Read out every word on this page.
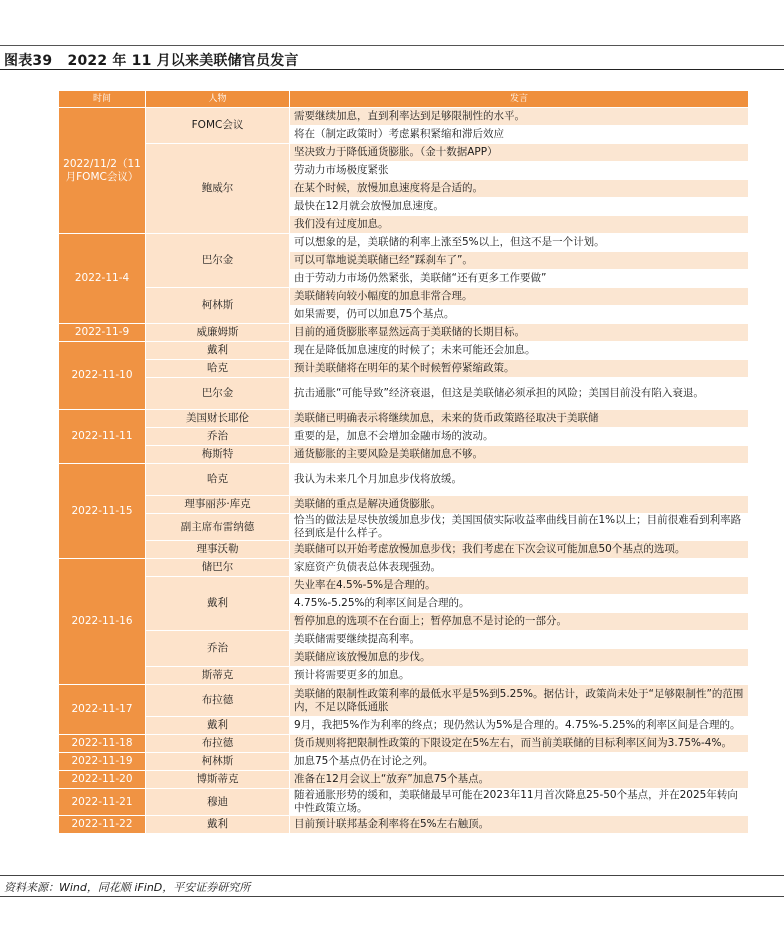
图表39 2022 年 11 月以来美联储官员发言
时间	人物	发言
2022/11/2（11月FOMC会议）	FOMC会议	需要继续加息，直到利率达到足够限制性的水平。
		将在（制定政策时）考虑累积紧缩和滞后效应
	鲍威尔	坚决致力于降低通货膨胀。（金十数据APP）
		劳动力市场极度紧张
		在某个时候，放慢加息速度将是合适的。
		最快在12月就会放慢加息速度。
		我们没有过度加息。
2022-11-4	巴尔金	可以想象的是，美联储的利率上涨至5%以上，但这不是一个计划。
		可以可靠地说美联储已经“踩刹车了”。
		由于劳动力市场仍然紧张，美联储“还有更多工作要做”
	柯林斯	美联储转向较小幅度的加息非常合理。
		如果需要，仍可以加息75个基点。
2022-11-9	威廉姆斯	目前的通货膨胀率显然远高于美联储的长期目标。
2022-11-10	戴利	现在是降低加息速度的时候了；未来可能还会加息。
	哈克	预计美联储将在明年的某个时候暂停紧缩政策。
	巴尔金	抗击通胀“可能导致”经济衰退，但这是美联储必须承担的风险；美国目前没有陷入衰退。
2022-11-11	美国财长耶伦	美联储已明确表示将继续加息，未来的货币政策路径取决于美联储
	乔治	重要的是，加息不会增加金融市场的波动。
	梅斯特	通货膨胀的主要风险是美联储加息不够。
2022-11-15	哈克	我认为未来几个月加息步伐将放缓。
	理事丽莎·库克	美联储的重点是解决通货膨胀。
	副主席布雷纳德	恰当的做法是尽快放缓加息步伐；美国国债实际收益率曲线目前在1%以上；目前很难看到利率路径到底是什么样子。
	理事沃勒	美联储可以开始考虑放慢加息步伐；我们考虑在下次会议可能加息50个基点的选项。
2022-11-16	储巴尔	家庭资产负债表总体表现强劲。
	戴利	失业率在4.5%-5%是合理的。
		4.75%-5.25%的利率区间是合理的。
		暂停加息的选项不在台面上；暂停加息不是讨论的一部分。
	乔治	美联储需要继续提高利率。
		美联储应该放慢加息的步伐。
	斯蒂克	预计将需要更多的加息。
2022-11-17	布拉德	美联储的限制性政策利率的最低水平是5%到5.25%。据估计，政策尚未处于“足够限制性”的范围内，不足以降低通胀
	戴利	9月，我把5%作为利率的终点；现仍然认为5%是合理的。4.75%-5.25%的利率区间是合理的。
2022-11-18	布拉德	货币规则将把限制性政策的下限设定在5%左右，而当前美联储的目标利率区间为3.75%-4%。
2022-11-19	柯林斯	加息75个基点仍在讨论之列。
2022-11-20	博斯蒂克	准备在12月会议上“放弃”加息75个基点。
2022-11-21	穆迪	随着通胀形势的缓和，美联储最早可能在2023年11月首次降息25-50个基点，并在2025年转向中性政策立场。
2022-11-22	戴利	目前预计联邦基金利率将在5%左右触顶。
资料来源：Wind，同花顺 iFinD，平安证券研究所
